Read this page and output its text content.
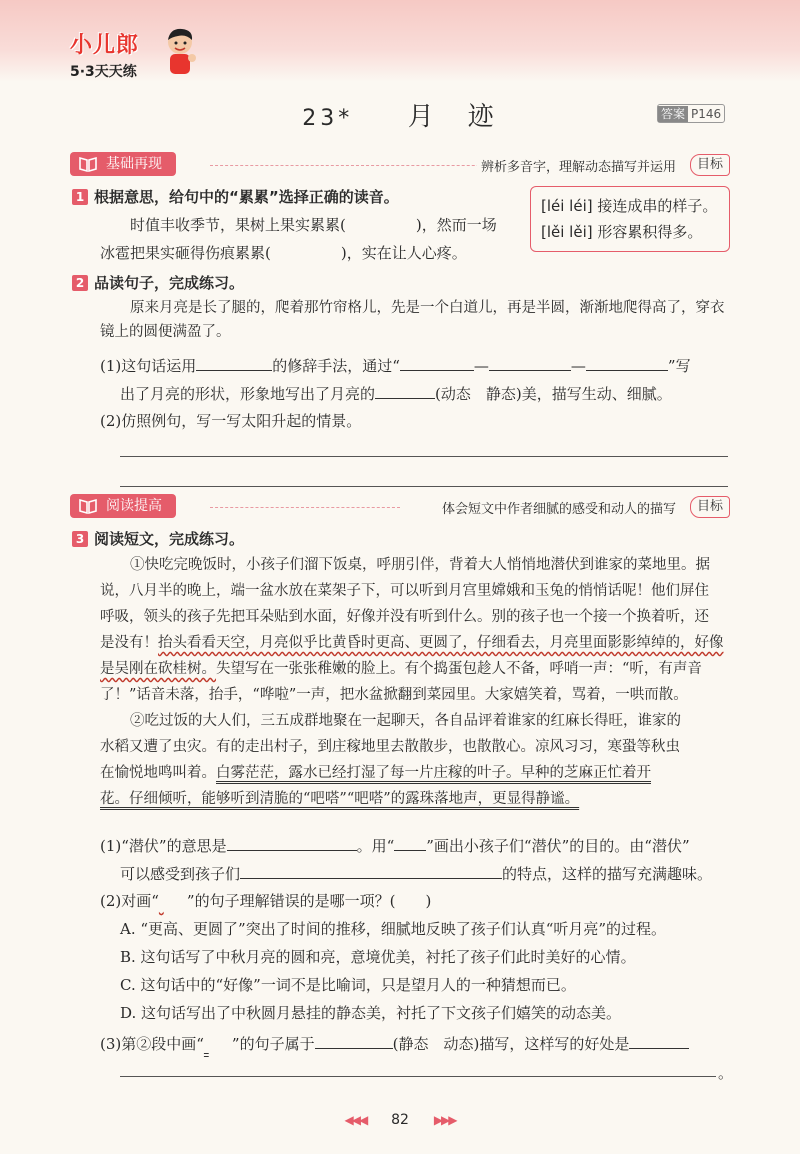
小儿郎
5·3天天练
23* 月　迹	答案 P146
基础再现	辨析多音字，理解动态描写并运用	目标
1 根据意思，给句中的“累累”选择正确的读音。
时值丰收季节，果树上果实累累(	)，然而一场
冰雹把果实砸得伤痕累累(	)，实在让人心疼。
[léi léi] 接连成串的样子。
[lěi lěi] 形容累积得多。
2 品读句子，完成练习。
原来月亮是长了腿的，爬着那竹帘格儿，先是一个白道儿，再是半圆，渐渐地爬得高了，穿衣镜上的圆便满盈了。
(1)这句话运用	的修辞手法，通过“	—	—	”写
出了月亮的形状，形象地写出了月亮的	(动态　静态)美，描写生动、细腻。
(2)仿照例句，写一写太阳升起的情景。
阅读提高	体会短文中作者细腻的感受和动人的描写	目标
3 阅读短文，完成练习。
①快吃完晚饭时，小孩子们溜下饭桌，呼朋引伴，背着大人悄悄地潜伏到谁家的菜地里。据
说，八月半的晚上，端一盆水放在菜架子下，可以听到月宫里嫦娥和玉兔的悄悄话呢！他们屏住
呼吸，领头的孩子先把耳朵贴到水面，好像并没有听到什么。别的孩子也一个接一个换着听，还
是没有！抬头看看天空，月亮似乎比黄昏时更高、更圆了，仔细看去，月亮里面影影绰绰的，好像
是吴刚在砍桂树。失望写在一张张稚嫩的脸上。有个捣蛋包趁人不备，呼哨一声：“听，有声音
了！”话音未落，抬手，“哗啦”一声，把水盆掀翻到菜园里。大家嬉笑着，骂着，一哄而散。
②吃过饭的大人们，三五成群地聚在一起聊天，各自品评着谁家的红麻长得旺，谁家的
水稻又遭了虫灾。有的走出村子，到庄稼地里去散散步，也散散心。凉风习习，寒蛩等秋虫
在愉悦地鸣叫着。白雾茫茫，露水已经打湿了每一片庄稼的叶子。早种的芝麻正忙着开
花。仔细倾听，能够听到清脆的“吧嗒”“吧嗒”的露珠落地声，更显得静谧。
(1)“潜伏”的意思是	。用“ ”画出小孩子们“潜伏”的目的。由“潜伏”
可以感受到孩子们	的特点，这样的描写充满趣味。
(2)对画“ ”的句子理解错误的是哪一项？(　　)
A. “更高、更圆了”突出了时间的推移，细腻地反映了孩子们认真“听月亮”的过程。
B. 这句话写了中秋月亮的圆和亮，意境优美，衬托了孩子们此时美好的心情。
C. 这句话中的“好像”一词不是比喻词，只是望月人的一种猜想而已。
D. 这句话写出了中秋圆月悬挂的静态美，衬托了下文孩子们嬉笑的动态美。
(3)第②段中画“ ”的句子属于	(静态　动态)描写，这样写的好处是
。
◀◀◀ 82 ▶▶▶
